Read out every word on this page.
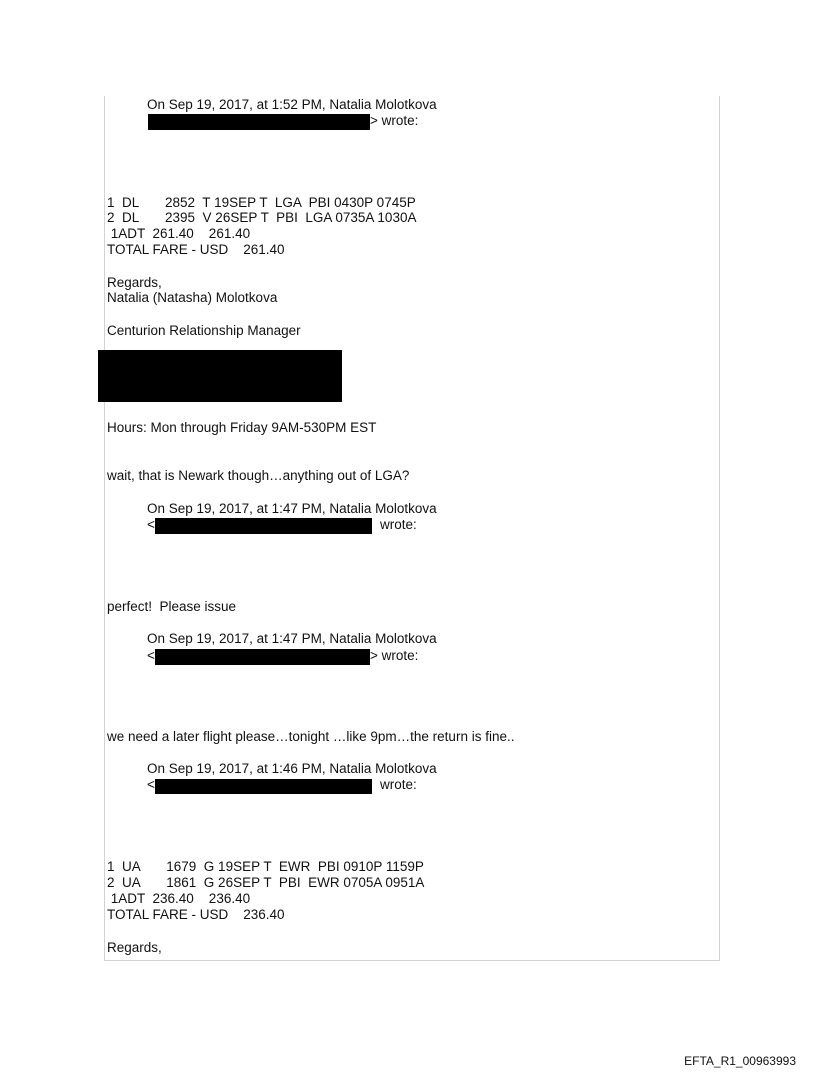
On Sep 19, 2017, at 1:52 PM, Natalia Molotkova
> wrote:
1  DL       2852  T 19SEP T  LGA  PBI 0430P 0745P
2  DL       2395  V 26SEP T  PBI  LGA 0735A 1030A
1ADT  261.40    261.40
TOTAL FARE - USD    261.40
Regards,
Natalia (Natasha) Molotkova
Centurion Relationship Manager
Hours: Mon through Friday 9AM-530PM EST
wait, that is Newark though…anything out of LGA?
On Sep 19, 2017, at 1:47 PM, Natalia Molotkova
<	wrote:
perfect!  Please issue
On Sep 19, 2017, at 1:47 PM, Natalia Molotkova
<	> wrote:
we need a later flight please…tonight …like 9pm…the return is fine..
On Sep 19, 2017, at 1:46 PM, Natalia Molotkova
<	wrote:
1  UA       1679  G 19SEP T  EWR  PBI 0910P 1159P
2  UA       1861  G 26SEP T  PBI  EWR 0705A 0951A
1ADT  236.40    236.40
TOTAL FARE - USD    236.40
Regards,
EFTA_R1_00963993
